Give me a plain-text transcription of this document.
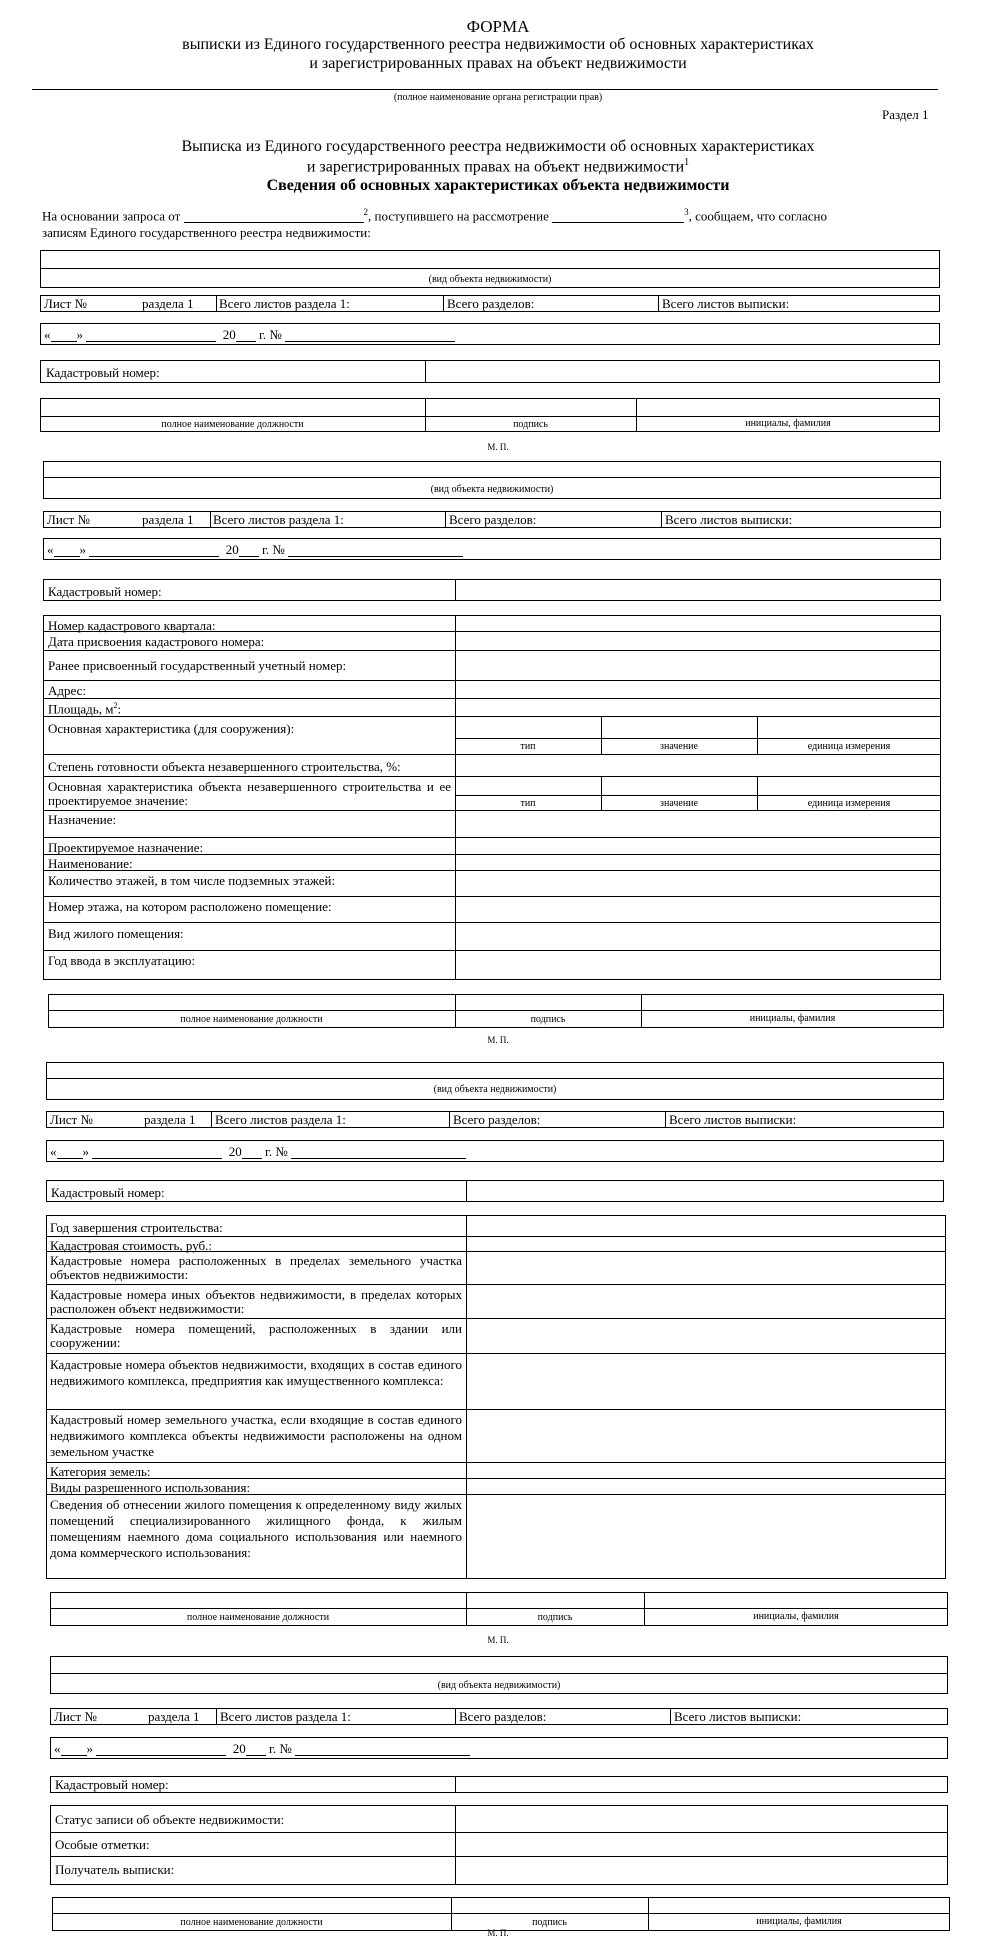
ФОРМА
выписки из Единого государственного реестра недвижимости об основных характеристиках
и зарегистрированных правах на объект недвижимости
(полное наименование органа регистрации прав)
Раздел 1
Выписка из Единого государственного реестра недвижимости об основных характеристиках
и зарегистрированных правах на объект недвижимости$^1$
Сведения об основных характеристиках объекта недвижимости
На основании запроса от	$^2$, поступившего на рассмотрение	$^3$, сообщаем, что согласно
записям Единого государственного реестра недвижимости:
(вид объекта недвижимости)
Лист №	раздела 1 Всего листов раздела 1:	Всего разделов:	Всего листов выписки:
« »	20 г. №
Кадастровый номер:
полное наименование должности	подпись	инициалы, фамилия
М. П.
(вид объекта недвижимости)
Лист №	раздела 1 Всего листов раздела 1:	Всего разделов:	Всего листов выписки:
« »	20 г. №
Кадастровый номер:
Номер кадастрового квартала:
Дата присвоения кадастрового номера:
Ранее присвоенный государственный учетный номер:
Адрес:
Площадь, $м^2$:
Основная характеристика (для сооружения):
тип	значение	единица измерения
Степень готовности объекта незавершенного строительства, %:
Основная характеристика объекта незавершенного строительства и ее проектируемое значение:	тип	значение	единица измерения
Назначение:
Проектируемое назначение:
Наименование:
Количество этажей, в том числе подземных этажей:
Номер этажа, на котором расположено помещение:
Вид жилого помещения:
Год ввода в эксплуатацию:
полное наименование должности	подпись	инициалы, фамилия
М. П.
(вид объекта недвижимости)
Лист №	раздела 1 Всего листов раздела 1:	Всего разделов:	Всего листов выписки:
« »	20 г. №
Кадастровый номер:
Год завершения строительства:
Кадастровая стоимость, руб.:
Кадастровые номера расположенных в пределах земельного участка объектов недвижимости:
Кадастровые номера иных объектов недвижимости, в пределах которых расположен объект недвижимости:
Кадастровые номера помещений, расположенных в здании или сооружении:
Кадастровые номера объектов недвижимости, входящих в состав единого недвижимого комплекса, предприятия как имущественного комплекса:
Кадастровый номер земельного участка, если входящие в состав единого недвижимого комплекса объекты недвижимости расположены на одном земельном участке
Категория земель:
Виды разрешенного использования:
Сведения об отнесении жилого помещения к определенному виду жилых помещений специализированного жилищного фонда, к жилым помещениям наемного дома социального использования или наемного дома коммерческого использования:
полное наименование должности	подпись	инициалы, фамилия
М. П.
(вид объекта недвижимости)
Лист №	раздела 1 Всего листов раздела 1:	Всего разделов:	Всего листов выписки:
« »	20 г. №
Кадастровый номер:
Статус записи об объекте недвижимости:
Особые отметки:
Получатель выписки:
полное наименование должности	подпись	инициалы, фамилия
М. П.
